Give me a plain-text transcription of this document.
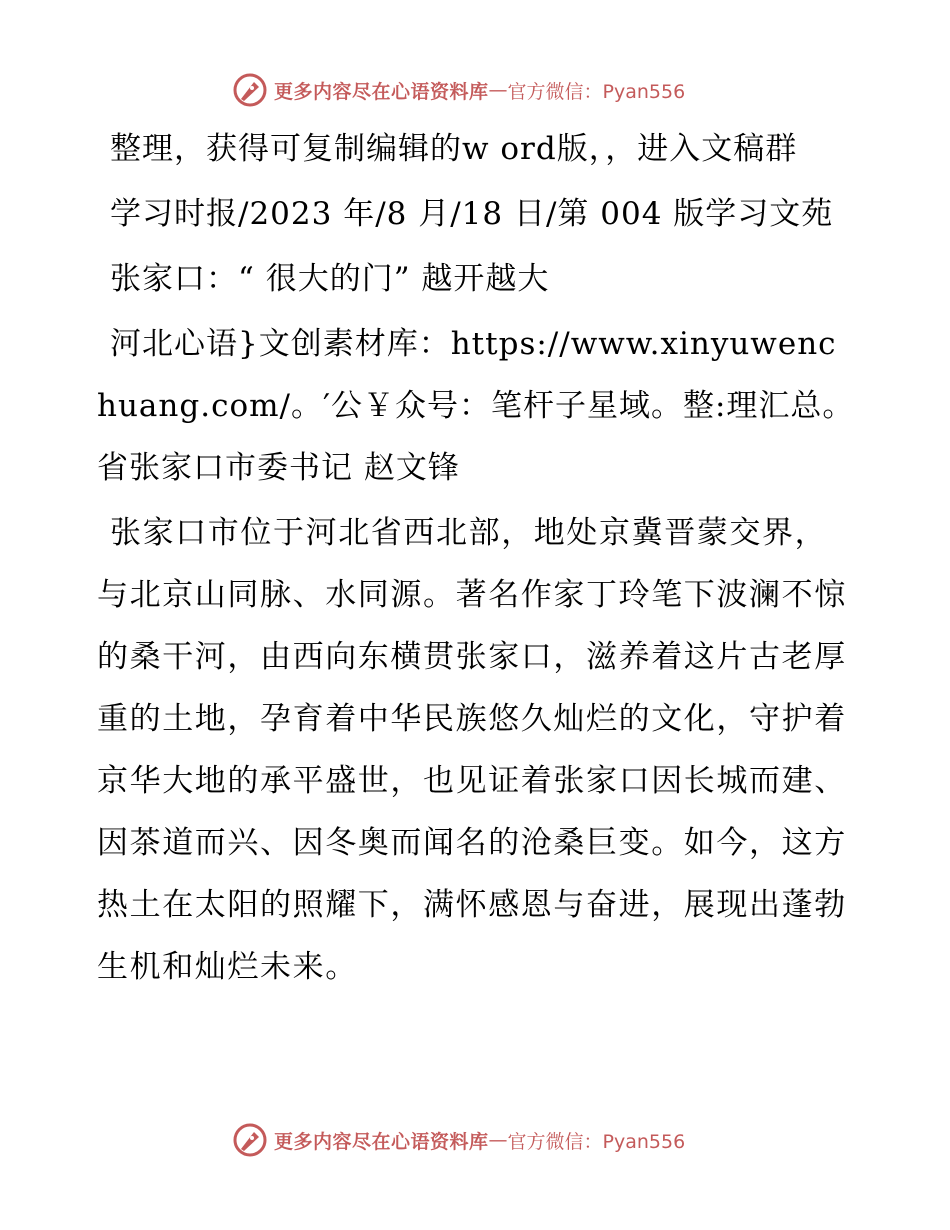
更多内容尽在心语资料库 — 官方微信：Pyan556

整理，获得可复制编辑的w ord版，，进入文稿群

学习时报/2023 年/8 月/18 日/第 004 版学习文苑

张家口：“ 很大的门” 越开越大

河北心语}文创素材库：https://www.xinyuwenchuang.com/。′公￥众号：笔杆子星域。整:理汇总。省张家口市委书记 赵文锋

张家口市位于河北省西北部，地处京冀晋蒙交界，与北京山同脉、水同源。著名作家丁玲笔下波澜不惊的桑干河，由西向东横贯张家口，滋养着这片古老厚重的土地，孕育着中华民族悠久灿烂的文化，守护着京华大地的承平盛世，也见证着张家口因长城而建、因茶道而兴、因冬奥而闻名的沧桑巨变。如今，这方热土在太阳的照耀下，满怀感恩与奋进，展现出蓬勃生机和灿烂未来。

更多内容尽在心语资料库 — 官方微信：Pyan556
